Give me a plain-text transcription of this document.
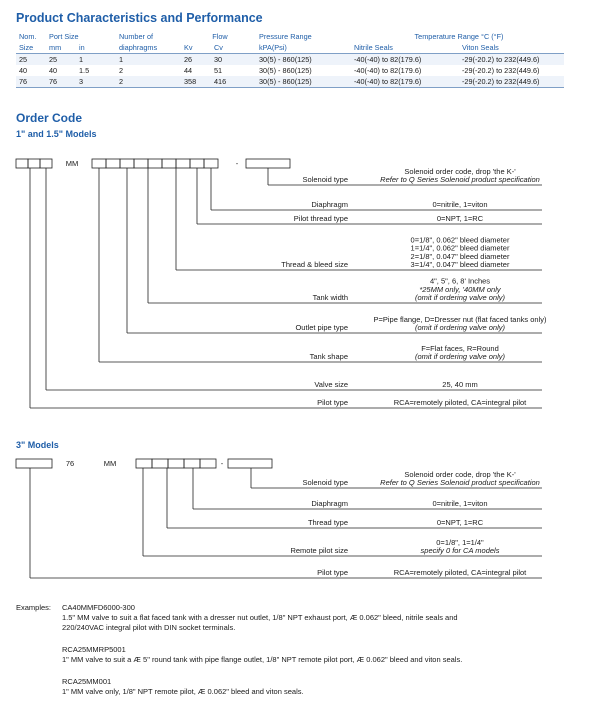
Product Characteristics and Performance
Nom.	Port Size		Number of	Flow		Pressure Range	Temperature Range °C (°F)	
Size	mm	in	diaphragms	Kv	Cv	kPA(Psi)	Nitrile Seals	Viton Seals
25	25	1	1	26	30	30(5) - 860(125)	-40(-40) to 82(179.6)	-29(-20.2) to 232(449.6)
40	40	1.5	2	44	51	30(5) - 860(125)	-40(-40) to 82(179.6)	-29(-20.2) to 232(449.6)
76	76	3	2	358	416	30(5) - 860(125)	-40(-40) to 82(179.6)	-29(-20.2) to 232(449.6)
Order Code
1" and 1.5" Models
MM	-
Solenoid type
Solenoid order code, drop 'the K-'
Refer to Q Series Solenoid product specification
Diaphragm	0=nitrile, 1=viton
Pilot thread type	0=NPT, 1=RC
Thread & bleed size
0=1/8", 0.062" bleed diameter
1=1/4", 0.062" bleed diameter
2=1/8", 0.047" bleed diameter
3=1/4", 0.047" bleed diameter
Tank width
4", 5", 6, 8' Inches
*25MM only, '40MM only
(omit if ordering valve only)
Outlet pipe type
P=Pipe flange, D=Dresser nut (flat faced tanks only)
(omit if ordering valve only)
Tank shape
F=Flat faces, R=Round
(omit if ordering valve only)
Valve size	25, 40 mm
Pilot type	RCA=remotely piloted, CA=integral pilot
3" Models
76	MM	-
Solenoid type
Solenoid order code, drop 'the K-'
Refer to Q Series Solenoid product specification
Diaphragm	0=nitrile, 1=viton
Thread type	0=NPT, 1=RC
Remote pilot size
0=1/8", 1=1/4"
specify 0 for CA models
Pilot type	RCA=remotely piloted, CA=integral pilot
Examples: CA40MMFD6000-300
1.5" MM valve to suit a flat faced tank with a dresser nut outlet, 1/8" NPT exhaust port, Æ 0.062" bleed, nitrile seals and
220/240VAC integral pilot with DIN socket terminals.
RCA25MMRP5001
1" MM valve to suit a Æ 5" round tank with pipe flange outlet, 1/8" NPT remote pilot port, Æ 0.062" bleed and viton seals.
RCA25MM001
1" MM valve only, 1/8" NPT remote pilot, Æ 0.062" bleed and viton seals.
